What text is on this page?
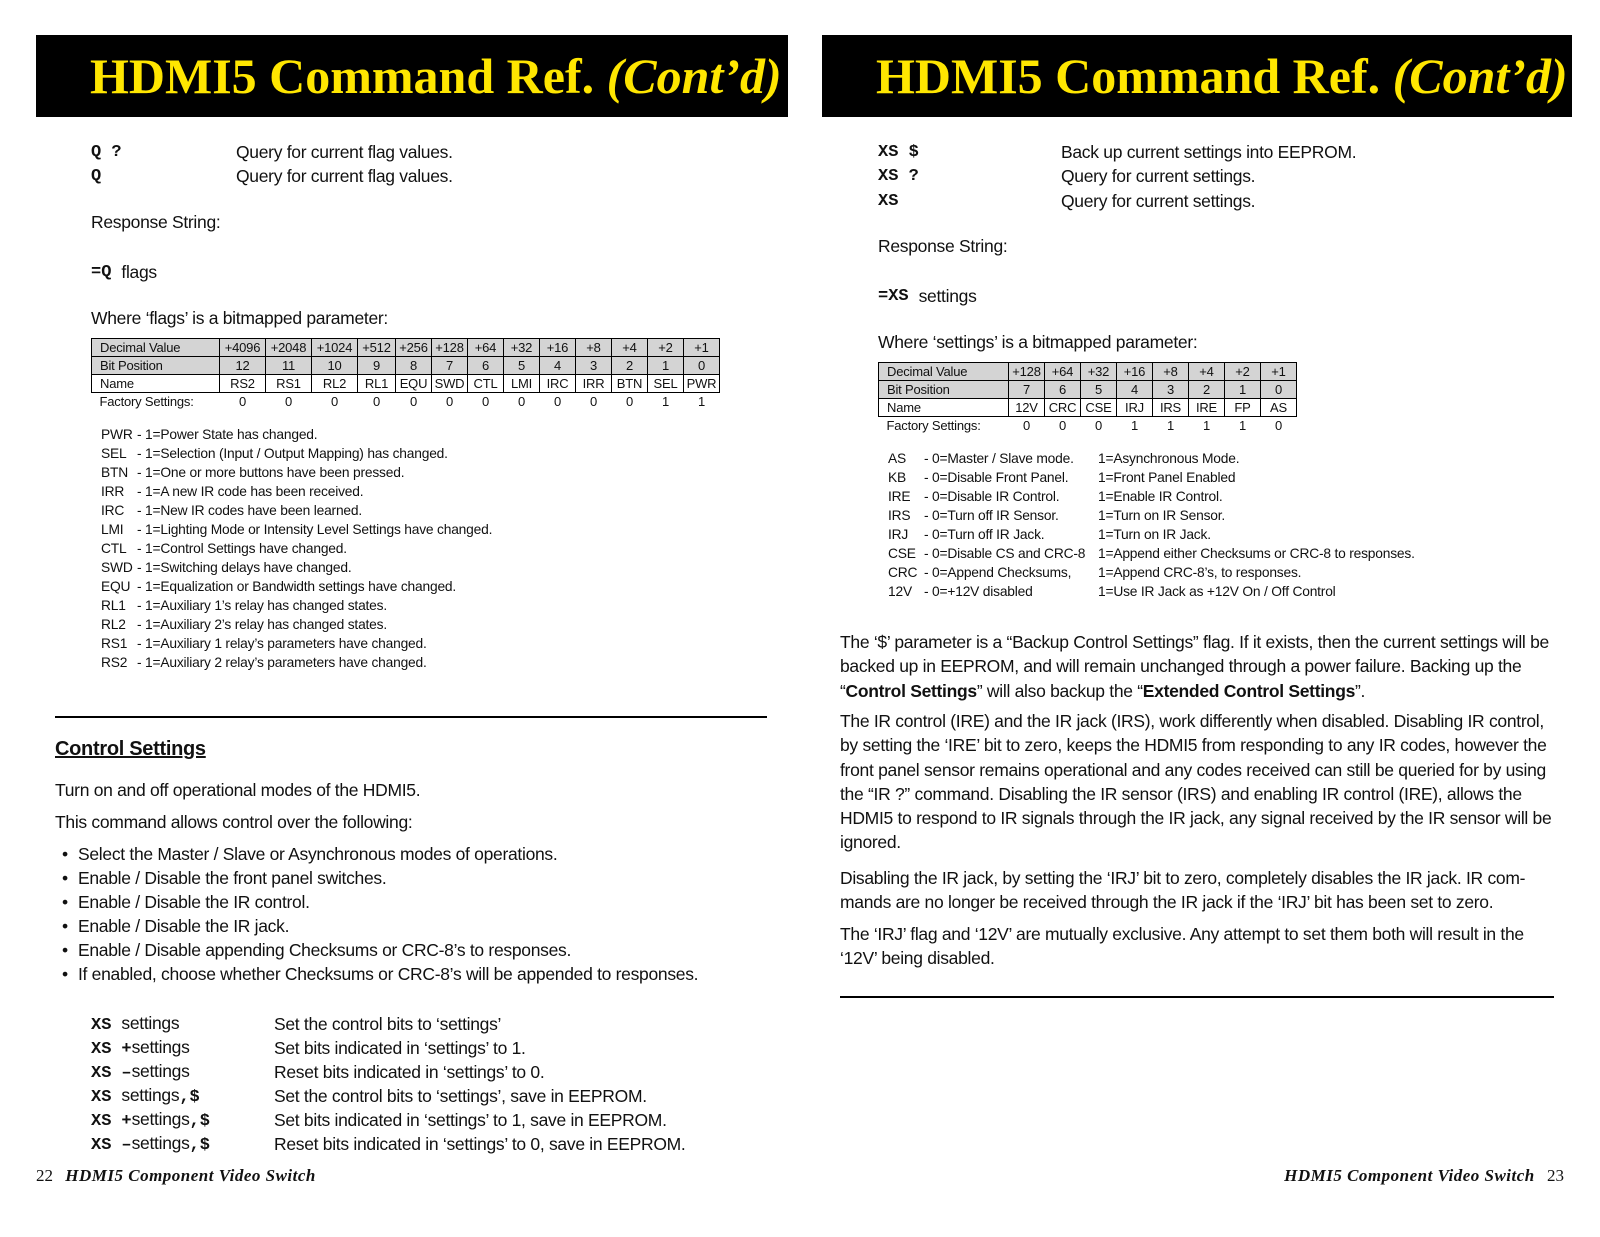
HDMI5 Command Ref. (Cont’d)
Q ?	Query for current flag values.
Q	Query for current flag values.
Response String:
=Q flags
Where ‘flags’ is a bitmapped parameter:
Decimal Value	+4096	+2048	+1024	+512	+256	+128	+64	+32	+16	+8	+4	+2	+1
Bit Position	12	11	10	9	8	7	6	5	4	3	2	1	0
Name	RS2	RS1	RL2	RL1	EQU	SWD	CTL	LMI	IRC	IRR	BTN	SEL	PWR
Factory Settings:	0	0	0	0	0	0	0	0	0	0	0	1	1
PWR - 1=Power State has changed.
SEL - 1=Selection (Input / Output Mapping) has changed.
BTN - 1=One or more buttons have been pressed.
IRR - 1=A new IR code has been received.
IRC - 1=New IR codes have been learned.
LMI - 1=Lighting Mode or Intensity Level Settings have changed.
CTL - 1=Control Settings have changed.
SWD - 1=Switching delays have changed.
EQU - 1=Equalization or Bandwidth settings have changed.
RL1 - 1=Auxiliary 1’s relay has changed states.
RL2 - 1=Auxiliary 2’s relay has changed states.
RS1 - 1=Auxiliary 1 relay’s parameters have changed.
RS2 - 1=Auxiliary 2 relay’s parameters have changed.
Control Settings
Turn on and off operational modes of the HDMI5.
This command allows control over the following:
• Select the Master / Slave or Asynchronous modes of operations.
• Enable / Disable the front panel switches.
• Enable / Disable the IR control.
• Enable / Disable the IR jack.
• Enable / Disable appending Checksums or CRC-8’s to responses.
• If enabled, choose whether Checksums or CRC-8’s will be appended to responses.
XS settings	Set the control bits to ‘settings’
XS +settings	Set bits indicated in ‘settings’ to 1.
XS –settings	Reset bits indicated in ‘settings’ to 0.
XS settings,$	Set the control bits to ‘settings’, save in EEPROM.
XS +settings,$	Set bits indicated in ‘settings’ to 1, save in EEPROM.
XS –settings,$	Reset bits indicated in ‘settings’ to 0, save in EEPROM.
22 HDMI5 Component Video Switch
HDMI5 Command Ref. (Cont’d)
XS $	Back up current settings into EEPROM.
XS ?	Query for current settings.
XS	Query for current settings.
Response String:
=XS settings
Where ‘settings’ is a bitmapped parameter:
Decimal Value	+128	+64	+32	+16	+8	+4	+2	+1
Bit Position	7	6	5	4	3	2	1	0
Name	12V	CRC	CSE	IRJ	IRS	IRE	FP	AS
Factory Settings:	0	0	0	1	1	1	1	0
AS - 0=Master / Slave mode. 1=Asynchronous Mode.
KB - 0=Disable Front Panel. 1=Front Panel Enabled
IRE - 0=Disable IR Control.	1=Enable IR Control.
IRS - 0=Turn off IR Sensor.	1=Turn on IR Sensor.
IRJ - 0=Turn off IR Jack.	1=Turn on IR Jack.
CSE - 0=Disable CS and CRC-8 1=Append either Checksums or CRC-8 to responses.
CRC - 0=Append Checksums, 1=Append CRC-8’s, to responses.
12V - 0=+12V disabled	1=Use IR Jack as +12V On / Off Control
The ‘$’ parameter is a “Backup Control Settings” flag. If it exists, then the current settings will be backed up in EEPROM, and will remain unchanged through a power failure. Backing up the “Control Settings” will also backup the “Extended Control Settings”.
The IR control (IRE) and the IR jack (IRS), work differently when disabled. Disabling IR control, by setting the ‘IRE’ bit to zero, keeps the HDMI5 from responding to any IR codes, however the front panel sensor remains operational and any codes received can still be queried for by using the “IR ?” command. Disabling the IR sensor (IRS) and enabling IR control (IRE), allows the HDMI5 to respond to IR signals through the IR jack, any signal received by the IR sensor will be ignored.
Disabling the IR jack, by setting the ‘IRJ’ bit to zero, completely disables the IR jack. IR com-mands are no longer be received through the IR jack if the ‘IRJ’ bit has been set to zero.
The ‘IRJ’ flag and ‘12V’ are mutually exclusive. Any attempt to set them both will result in the ‘12V’ being disabled.
HDMI5 Component Video Switch 23
